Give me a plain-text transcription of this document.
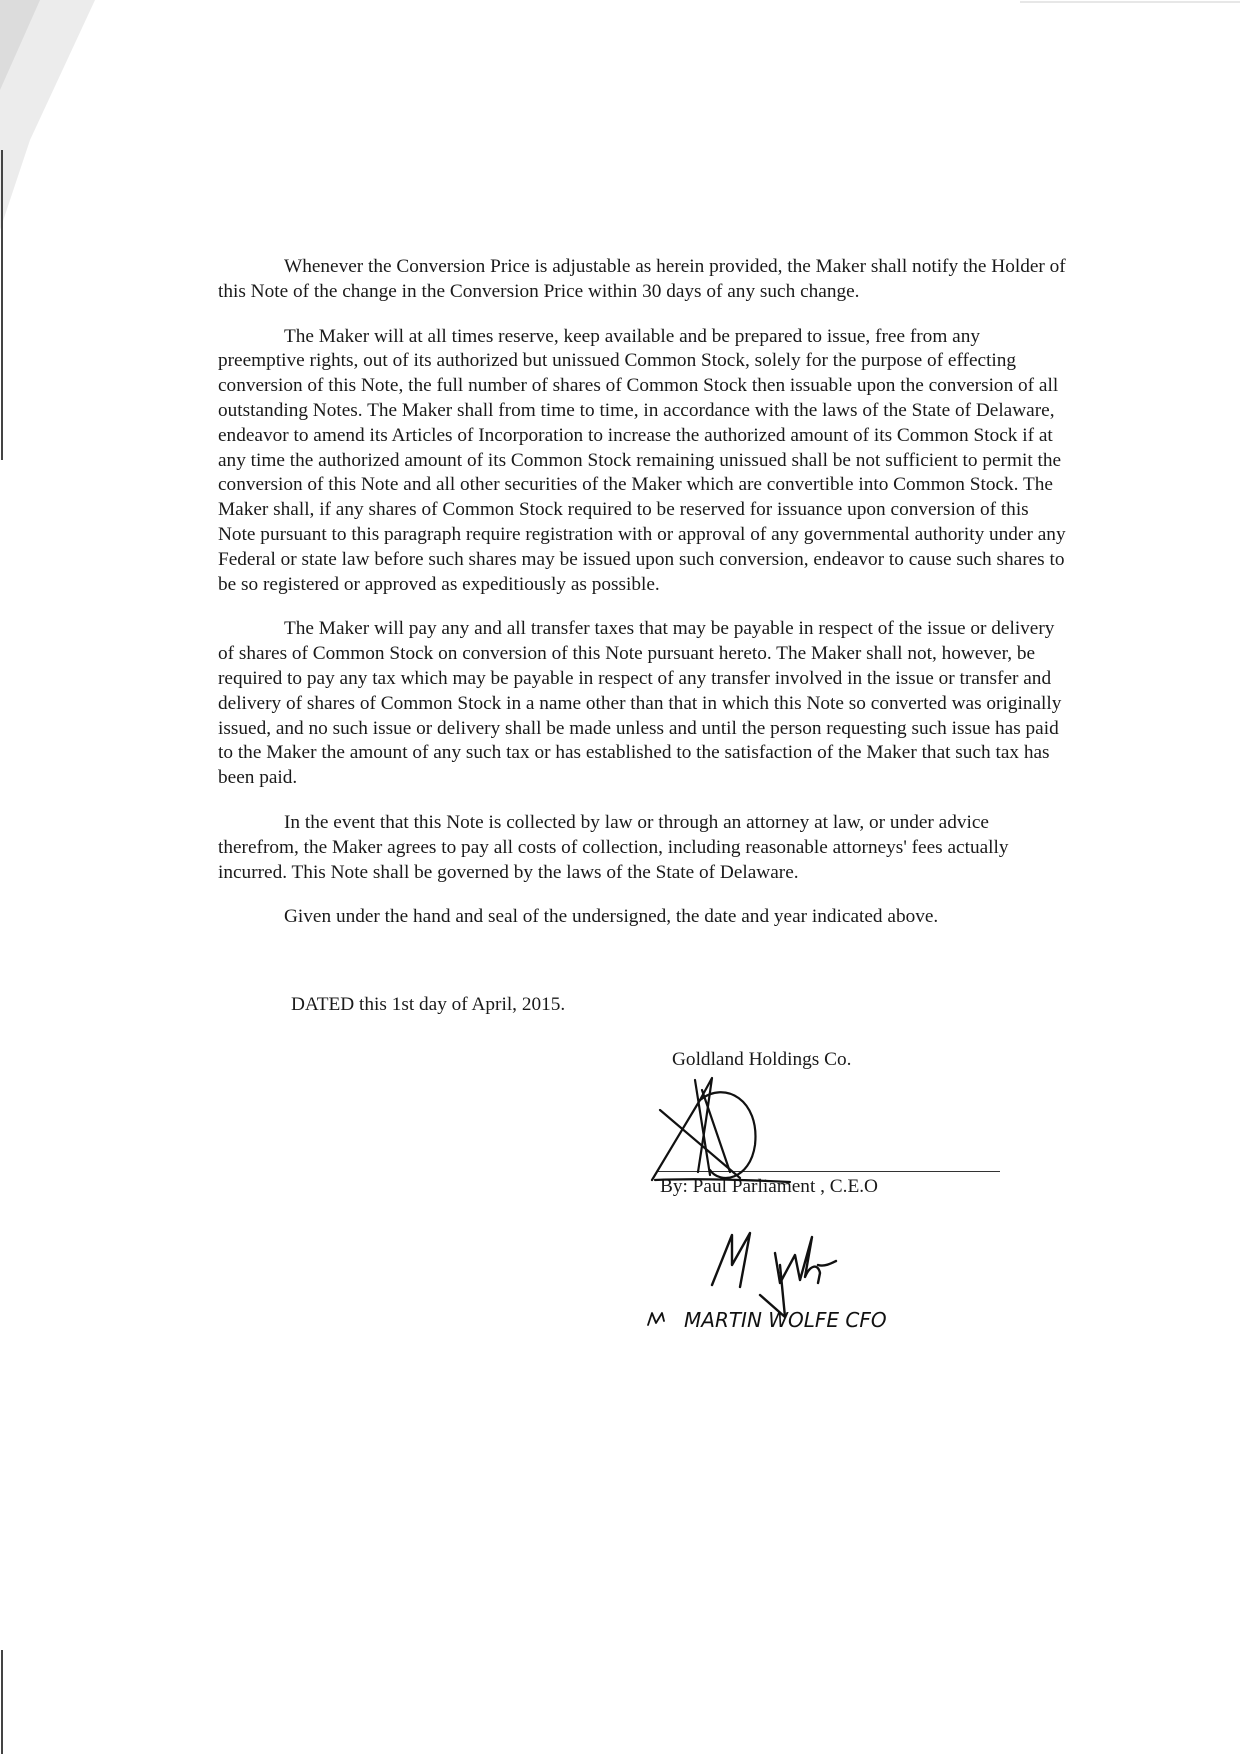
Whenever the Conversion Price is adjustable as herein provided, the Maker shall notify the Holder of this Note of the change in the Conversion Price within 30 days of any such change.

The Maker will at all times reserve, keep available and be prepared to issue, free from any preemptive rights, out of its authorized but unissued Common Stock, solely for the purpose of effecting conversion of this Note, the full number of shares of Common Stock then issuable upon the conversion of all outstanding Notes. The Maker shall from time to time, in accordance with the laws of the State of Delaware, endeavor to amend its Articles of Incorporation to increase the authorized amount of its Common Stock if at any time the authorized amount of its Common Stock remaining unissued shall be not sufficient to permit the conversion of this Note and all other securities of the Maker which are convertible into Common Stock. The Maker shall, if any shares of Common Stock required to be reserved for issuance upon conversion of this Note pursuant to this paragraph require registration with or approval of any governmental authority under any Federal or state law before such shares may be issued upon such conversion, endeavor to cause such shares to be so registered or approved as expeditiously as possible.

The Maker will pay any and all transfer taxes that may be payable in respect of the issue or delivery of shares of Common Stock on conversion of this Note pursuant hereto. The Maker shall not, however, be required to pay any tax which may be payable in respect of any transfer involved in the issue or transfer and delivery of shares of Common Stock in a name other than that in which this Note so converted was originally issued, and no such issue or delivery shall be made unless and until the person requesting such issue has paid to the Maker the amount of any such tax or has established to the satisfaction of the Maker that such tax has been paid.

In the event that this Note is collected by law or through an attorney at law, or under advice therefrom, the Maker agrees to pay all costs of collection, including reasonable attorneys' fees actually incurred. This Note shall be governed by the laws of the State of Delaware.

Given under the hand and seal of the undersigned, the date and year indicated above.

DATED this 1st day of April, 2015.

Goldland Holdings Co.

By: Paul Parliament , C.E.O

MARTIN WOLFE CFO
